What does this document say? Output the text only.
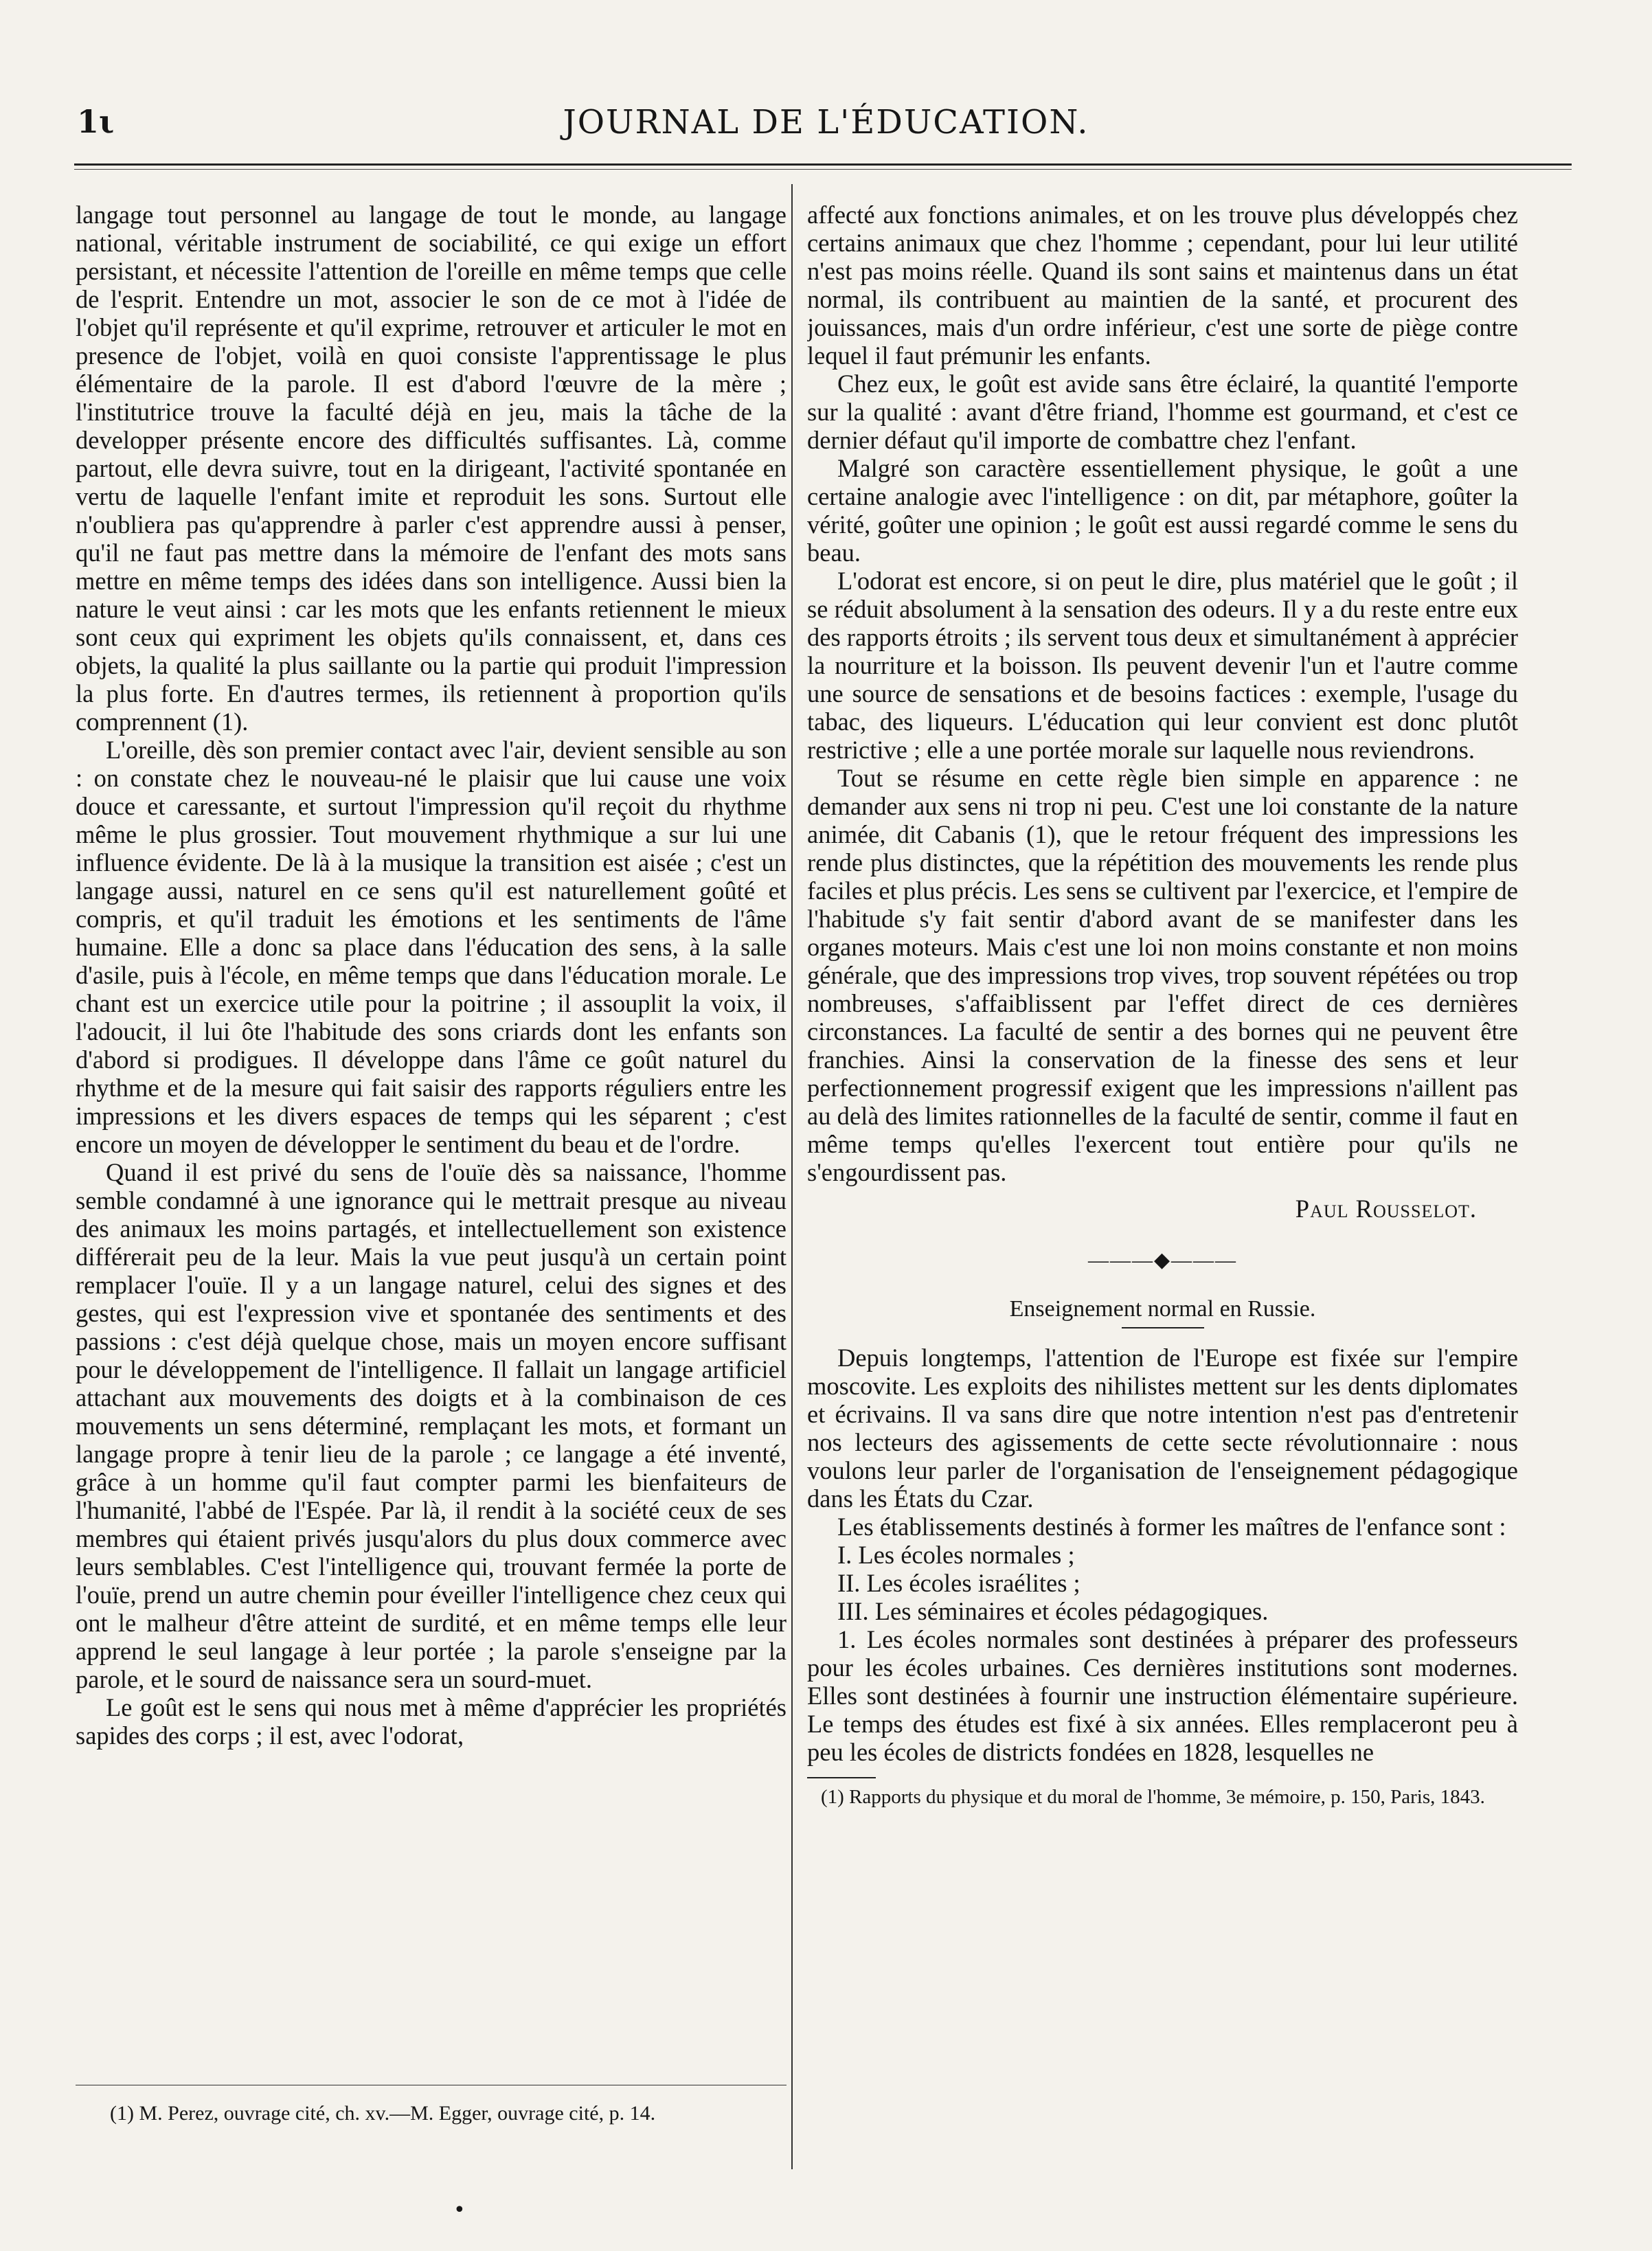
1ι	JOURNAL DE L'ÉDUCATION.

langage tout personnel au langage de tout le monde, au langage national, véritable instrument de sociabilité, ce qui exige un effort persistant, et nécessite l'attention de l'oreille en même temps que celle de l'esprit. Entendre un mot, associer le son de ce mot à l'idée de l'objet qu'il représente et qu'il exprime, retrouver et articuler le mot en presence de l'objet, voilà en quoi consiste l'apprentissage le plus élémentaire de la parole. Il est d'abord l'œuvre de la mère ; l'institutrice trouve la faculté déjà en jeu, mais la tâche de la developper présente encore des difficultés suffisantes. Là, comme partout, elle devra suivre, tout en la dirigeant, l'activité spontanée en vertu de laquelle l'enfant imite et reproduit les sons. Surtout elle n'oubliera pas qu'apprendre à parler c'est apprendre aussi à penser, qu'il ne faut pas mettre dans la mémoire de l'enfant des mots sans mettre en même temps des idées dans son intelligence. Aussi bien la nature le veut ainsi : car les mots que les enfants retiennent le mieux sont ceux qui expriment les objets qu'ils connaissent, et, dans ces objets, la qualité la plus saillante ou la partie qui produit l'impression la plus forte. En d'autres termes, ils retiennent à proportion qu'ils comprennent (1).

L'oreille, dès son premier contact avec l'air, devient sensible au son : on constate chez le nouveau-né le plaisir que lui cause une voix douce et caressante, et surtout l'impression qu'il reçoit du rhythme même le plus grossier. Tout mouvement rhythmique a sur lui une influence évidente. De là à la musique la transition est aisée ; c'est un langage aussi, naturel en ce sens qu'il est naturellement goûté et compris, et qu'il traduit les émotions et les sentiments de l'âme humaine. Elle a donc sa place dans l'éducation des sens, à la salle d'asile, puis à l'école, en même temps que dans l'éducation morale. Le chant est un exercice utile pour la poitrine ; il assouplit la voix, il l'adoucit, il lui ôte l'habitude des sons criards dont les enfants son d'abord si prodigues. Il développe dans l'âme ce goût naturel du rhythme et de la mesure qui fait saisir des rapports réguliers entre les impressions et les divers espaces de temps qui les séparent ; c'est encore un moyen de développer le sentiment du beau et de l'ordre.

Quand il est privé du sens de l'ouïe dès sa naissance, l'homme semble condamné à une ignorance qui le mettrait presque au niveau des animaux les moins partagés, et intellectuellement son existence différerait peu de la leur. Mais la vue peut jusqu'à un certain point remplacer l'ouïe. Il y a un langage naturel, celui des signes et des gestes, qui est l'expression vive et spontanée des sentiments et des passions : c'est déjà quelque chose, mais un moyen encore suffisant pour le développement de l'intelligence. Il fallait un langage artificiel attachant aux mouvements des doigts et à la combinaison de ces mouvements un sens déterminé, remplaçant les mots, et formant un langage propre à tenir lieu de la parole ; ce langage a été inventé, grâce à un homme qu'il faut compter parmi les bienfaiteurs de l'humanité, l'abbé de l'Espée. Par là, il rendit à la société ceux de ses membres qui étaient privés jusqu'alors du plus doux commerce avec leurs semblables. C'est l'intelligence qui, trouvant fermée la porte de l'ouïe, prend un autre chemin pour éveiller l'intelligence chez ceux qui ont le malheur d'être atteint de surdité, et en même temps elle leur apprend le seul langage à leur portée ; la parole s'enseigne par la parole, et le sourd de naissance sera un sourd-muet.

Le goût est le sens qui nous met à même d'apprécier les propriétés sapides des corps ; il est, avec l'odorat,

(1) M. Perez, ouvrage cité, ch. xv.—M. Egger, ouvrage cité, p. 14.

affecté aux fonctions animales, et on les trouve plus développés chez certains animaux que chez l'homme ; cependant, pour lui leur utilité n'est pas moins réelle. Quand ils sont sains et maintenus dans un état normal, ils contribuent au maintien de la santé, et procurent des jouissances, mais d'un ordre inférieur, c'est une sorte de piège contre lequel il faut prémunir les enfants.

Chez eux, le goût est avide sans être éclairé, la quantité l'emporte sur la qualité : avant d'être friand, l'homme est gourmand, et c'est ce dernier défaut qu'il importe de combattre chez l'enfant.

Malgré son caractère essentiellement physique, le goût a une certaine analogie avec l'intelligence : on dit, par métaphore, goûter la vérité, goûter une opinion ; le goût est aussi regardé comme le sens du beau.

L'odorat est encore, si on peut le dire, plus matériel que le goût ; il se réduit absolument à la sensation des odeurs. Il y a du reste entre eux des rapports étroits ; ils servent tous deux et simultanément à apprécier la nourriture et la boisson. Ils peuvent devenir l'un et l'autre comme une source de sensations et de besoins factices : exemple, l'usage du tabac, des liqueurs. L'éducation qui leur convient est donc plutôt restrictive ; elle a une portée morale sur laquelle nous reviendrons.

Tout se résume en cette règle bien simple en apparence : ne demander aux sens ni trop ni peu. C'est une loi constante de la nature animée, dit Cabanis (1), que le retour fréquent des impressions les rende plus distinctes, que la répétition des mouvements les rende plus faciles et plus précis. Les sens se cultivent par l'exercice, et l'empire de l'habitude s'y fait sentir d'abord avant de se manifester dans les organes moteurs. Mais c'est une loi non moins constante et non moins générale, que des impressions trop vives, trop souvent répétées ou trop nombreuses, s'affaiblissent par l'effet direct de ces dernières circonstances. La faculté de sentir a des bornes qui ne peuvent être franchies. Ainsi la conservation de la finesse des sens et leur perfectionnement progressif exigent que les impressions n'aillent pas au delà des limites rationnelles de la faculté de sentir, comme il faut en même temps qu'elles l'exercent tout entière pour qu'ils ne s'engourdissent pas.

Paul Rousselot.
———◆———
Enseignement normal en Russie.

Depuis longtemps, l'attention de l'Europe est fixée sur l'empire moscovite. Les exploits des nihilistes mettent sur les dents diplomates et écrivains. Il va sans dire que notre intention n'est pas d'entretenir nos lecteurs des agissements de cette secte révolutionnaire : nous voulons leur parler de l'organisation de l'enseignement pédagogique dans les États du Czar.

Les établissements destinés à former les maîtres de l'enfance sont :

I. Les écoles normales ;

II. Les écoles israélites ;

III. Les séminaires et écoles pédagogiques.

1. Les écoles normales sont destinées à préparer des professeurs pour les écoles urbaines. Ces dernières institutions sont modernes. Elles sont destinées à fournir une instruction élémentaire supérieure. Le temps des études est fixé à six années. Elles remplaceront peu à peu les écoles de districts fondées en 1828, lesquelles ne

(1) Rapports du physique et du moral de l'homme, 3e mémoire, p. 150, Paris, 1843.
•
